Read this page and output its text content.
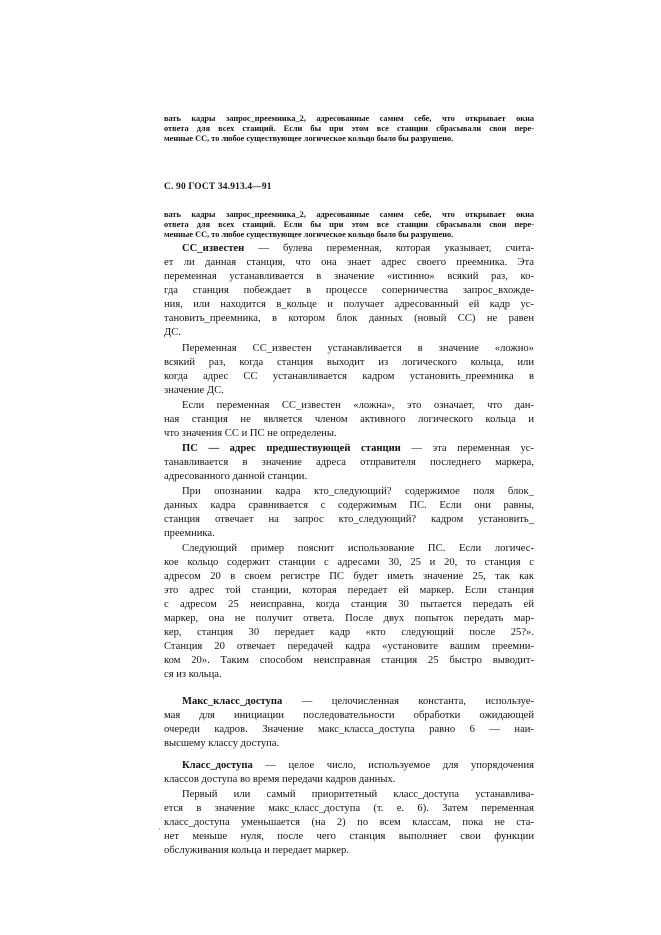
вать кадры запрос_преемника_2, адресованные самим себе, что открывает окна
ответа для всех станций. Если бы при этом все станции сбрасывали свои пере-
менные СС, то любое существующее логическое кольцо было бы разрушено.
С. 90 ГОСТ 34.913.4—91
вать кадры запрос_преемника_2, адресованные самим себе, что открывает окна
ответа для всех станций. Если бы при этом все станции сбрасывали свои пере-
менные СС, то любое существующее логическое кольцо было бы разрушено.
СС_известен — булева переменная, которая указывает, счита-
ет ли данная станция, что она знает адрес своего преемника. Эта
переменная устанавливается в значение «истинно» всякий раз, ко-
гда станция побеждает в процессе соперничества запрос_вхожде-
ния, или находится в_кольце и получает адресованный ей кадр ус-
тановить_преемника, в котором блок данных (новый СС) не равен
ДС.
Переменная СС_известен устанавливается в значение «ложно»
всякий раз, когда станция выходит из логического кольца, или
когда адрес СС устанавливается кадром установить_преемника в
значение ДС.
Если переменная СС_известен «ложна», это означает, что дан-
ная станция не является членом активного логического кольца и
что значения СС и ПС не определены.
ПС — адрес предшествующей станции — эта переменная ус-
танавливается в значение адреса отправителя последнего маркера,
адресованного данной станции.
При опознании кадра кто_следующий? содержимое поля блок_
данных кадра сравнивается с содержимым ПС. Если они равны,
станция отвечает на запрос кто_следующий? кадром установить_
преемника.
Следующий пример пояснит использование ПС. Если логичес-
кое кольцо содержит станции с адресами 30, 25 и 20, то станция с
адресом 20 в своем регистре ПС будет иметь значение 25, так как
это адрес той станции, которая передает ей маркер. Если станция
с адресом 25 неисправна, когда станция 30 пытается передать ей
маркер, она не получит ответа. После двух попыток передать мар-
кер, станция 30 передает кадр «кто следующий после 25?».
Станция 20 отвечает передачей кадра «установите вашим преемни-
ком 20». Таким способом неисправная станция 25 быстро выводит-
ся из кольца.
Макс_класс_доступа — целочисленная константа, используе-
мая для инициации последовательности обработки ожидающей
очереди кадров. Значение макс_класса_доступа равно 6 — наи-
высшему классу доступа.
Класс_доступа — целое число, используемое для упорядочения
классов доступа во время передачи кадров данных.
Первый или самый приоритетный класс_доступа устанавлива-
ется в значение макс_класс_доступа (т. е. 6). Затем переменная
класс_доступа уменьшается (на 2) по всем классам, пока не ста-
нет меньше нуля, после чего станция выполняет свои функции
обслуживания кольца и передает маркер.
·
